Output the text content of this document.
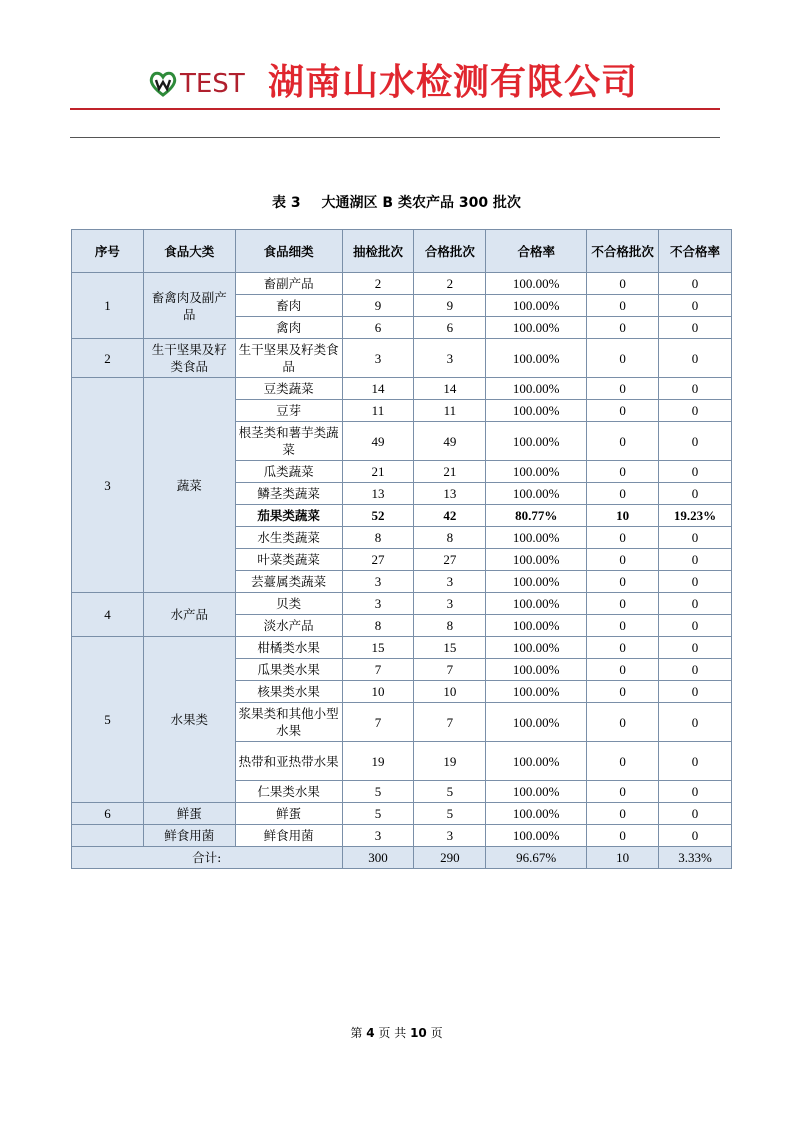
TEST 湖南山水检测有限公司
表 3 大通湖区 B 类农产品 300 批次
序号	食品大类	食品细类	抽检批次	合格批次	合格率	不合格批次	不合格率
1	畜禽肉及副产品	畜副产品	2	2	100.00%	0	0
		畜肉	9	9	100.00%	0	0
		禽肉	6	6	100.00%	0	0
2	生干坚果及籽类食品	生干坚果及籽类食品	3	3	100.00%	0	0
3	蔬菜	豆类蔬菜	14	14	100.00%	0	0
		豆芽	11	11	100.00%	0	0
		根茎类和薯芋类蔬菜	49	49	100.00%	0	0
		瓜类蔬菜	21	21	100.00%	0	0
		鳞茎类蔬菜	13	13	100.00%	0	0
		茄果类蔬菜	52	42	80.77%	10	19.23%
		水生类蔬菜	8	8	100.00%	0	0
		叶菜类蔬菜	27	27	100.00%	0	0
		芸薹属类蔬菜	3	3	100.00%	0	0
4	水产品	贝类	3	3	100.00%	0	0
		淡水产品	8	8	100.00%	0	0
5	水果类	柑橘类水果	15	15	100.00%	0	0
		瓜果类水果	7	7	100.00%	0	0
		核果类水果	10	10	100.00%	0	0
		浆果类和其他小型水果	7	7	100.00%	0	0
		热带和亚热带水果	19	19	100.00%	0	0
		仁果类水果	5	5	100.00%	0	0
6	鲜蛋	鲜蛋	5	5	100.00%	0	0
	鲜食用菌	鲜食用菌	3	3	100.00%	0	0
合计:			300	290	96.67%	10	3.33%
第 4 页 共 10 页
